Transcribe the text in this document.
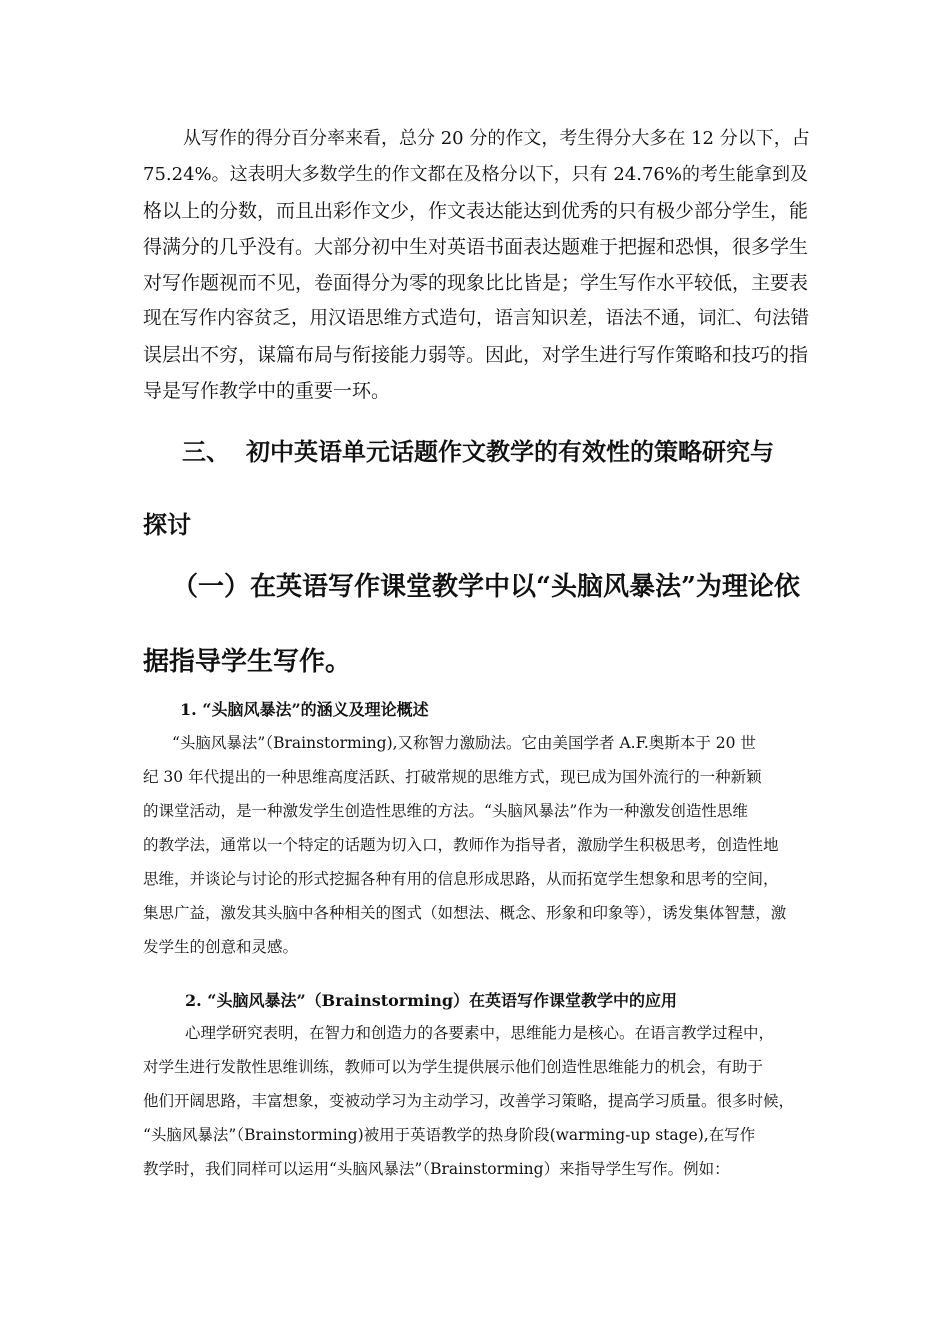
从写作的得分百分率来看，总分 20 分的作文，考生得分大多在 12 分以下，占

75.24%。这表明大多数学生的作文都在及格分以下，只有 24.76%的考生能拿到及

格以上的分数，而且出彩作文少，作文表达能达到优秀的只有极少部分学生，能

得满分的几乎没有。大部分初中生对英语书面表达题难于把握和恐惧，很多学生

对写作题视而不见，卷面得分为零的现象比比皆是；学生写作水平较低，主要表

现在写作内容贫乏，用汉语思维方式造句，语言知识差，语法不通，词汇、句法错

误层出不穷，谋篇布局与衔接能力弱等。因此，对学生进行写作策略和技巧的指

导是写作教学中的重要一环。

三、 初中英语单元话题作文教学的有效性的策略研究与

探讨

（一）在英语写作课堂教学中以“头脑风暴法”为理论依

据指导学生写作。

1. “头脑风暴法”的涵义及理论概述

“头脑风暴法”（Brainstorming),又称智力激励法。它由美国学者 A.F.奥斯本于 20 世

纪 30 年代提出的一种思维高度活跃、打破常规的思维方式，现已成为国外流行的一种新颖

的课堂活动，是一种激发学生创造性思维的方法。“头脑风暴法”作为一种激发创造性思维

的教学法，通常以一个特定的话题为切入口，教师作为指导者，激励学生积极思考，创造性地

思维，并谈论与讨论的形式挖掘各种有用的信息形成思路，从而拓宽学生想象和思考的空间，

集思广益，激发其头脑中各种相关的图式（如想法、概念、形象和印象等），诱发集体智慧，激

发学生的创意和灵感。

2. “头脑风暴法”（Brainstorming）在英语写作课堂教学中的应用

心理学研究表明，在智力和创造力的各要素中，思维能力是核心。在语言教学过程中，

对学生进行发散性思维训练，教师可以为学生提供展示他们创造性思维能力的机会，有助于

他们开阔思路，丰富想象，变被动学习为主动学习，改善学习策略，提高学习质量。很多时候，

“头脑风暴法”（Brainstorming)被用于英语教学的热身阶段(warming-up stage),在写作

教学时，我们同样可以运用“头脑风暴法”（Brainstorming）来指导学生写作。例如：
